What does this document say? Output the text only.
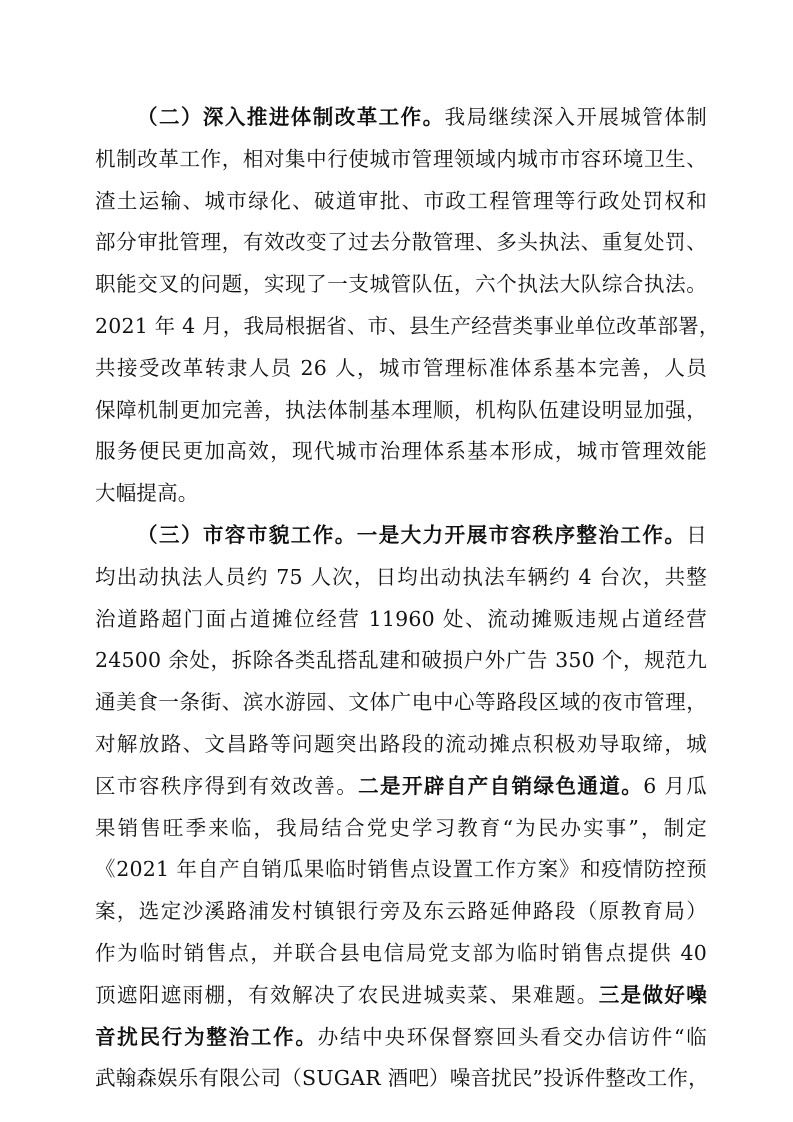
（二）深入推进体制改革工作。我局继续深入开展城管体制
机制改革工作，相对集中行使城市管理领域内城市市容环境卫生、
渣土运输、城市绿化、破道审批、市政工程管理等行政处罚权和
部分审批管理，有效改变了过去分散管理、多头执法、重复处罚、
职能交叉的问题，实现了一支城管队伍，六个执法大队综合执法。
2021 年 4 月，我局根据省、市、县生产经营类事业单位改革部署，
共接受改革转隶人员 26 人，城市管理标准体系基本完善，人员
保障机制更加完善，执法体制基本理顺，机构队伍建设明显加强，
服务便民更加高效，现代城市治理体系基本形成，城市管理效能
大幅提高。
（三）市容市貌工作。一是大力开展市容秩序整治工作。日
均出动执法人员约 75 人次，日均出动执法车辆约 4 台次，共整
治道路超门面占道摊位经营 11960 处、流动摊贩违规占道经营
24500 余处，拆除各类乱搭乱建和破损户外广告 350 个，规范九
通美食一条街、滨水游园、文体广电中心等路段区域的夜市管理，
对解放路、文昌路等问题突出路段的流动摊点积极劝导取缔，城
区市容秩序得到有效改善。二是开辟自产自销绿色通道。6 月瓜
果销售旺季来临，我局结合党史学习教育“为民办实事”，制定
《2021 年自产自销瓜果临时销售点设置工作方案》和疫情防控预
案，选定沙溪路浦发村镇银行旁及东云路延伸路段（原教育局）
作为临时销售点，并联合县电信局党支部为临时销售点提供 40
顶遮阳遮雨棚，有效解决了农民进城卖菜、果难题。三是做好噪
音扰民行为整治工作。办结中央环保督察回头看交办信访件“临
武翰森娱乐有限公司（SUGAR 酒吧）噪音扰民”投诉件整改工作，
